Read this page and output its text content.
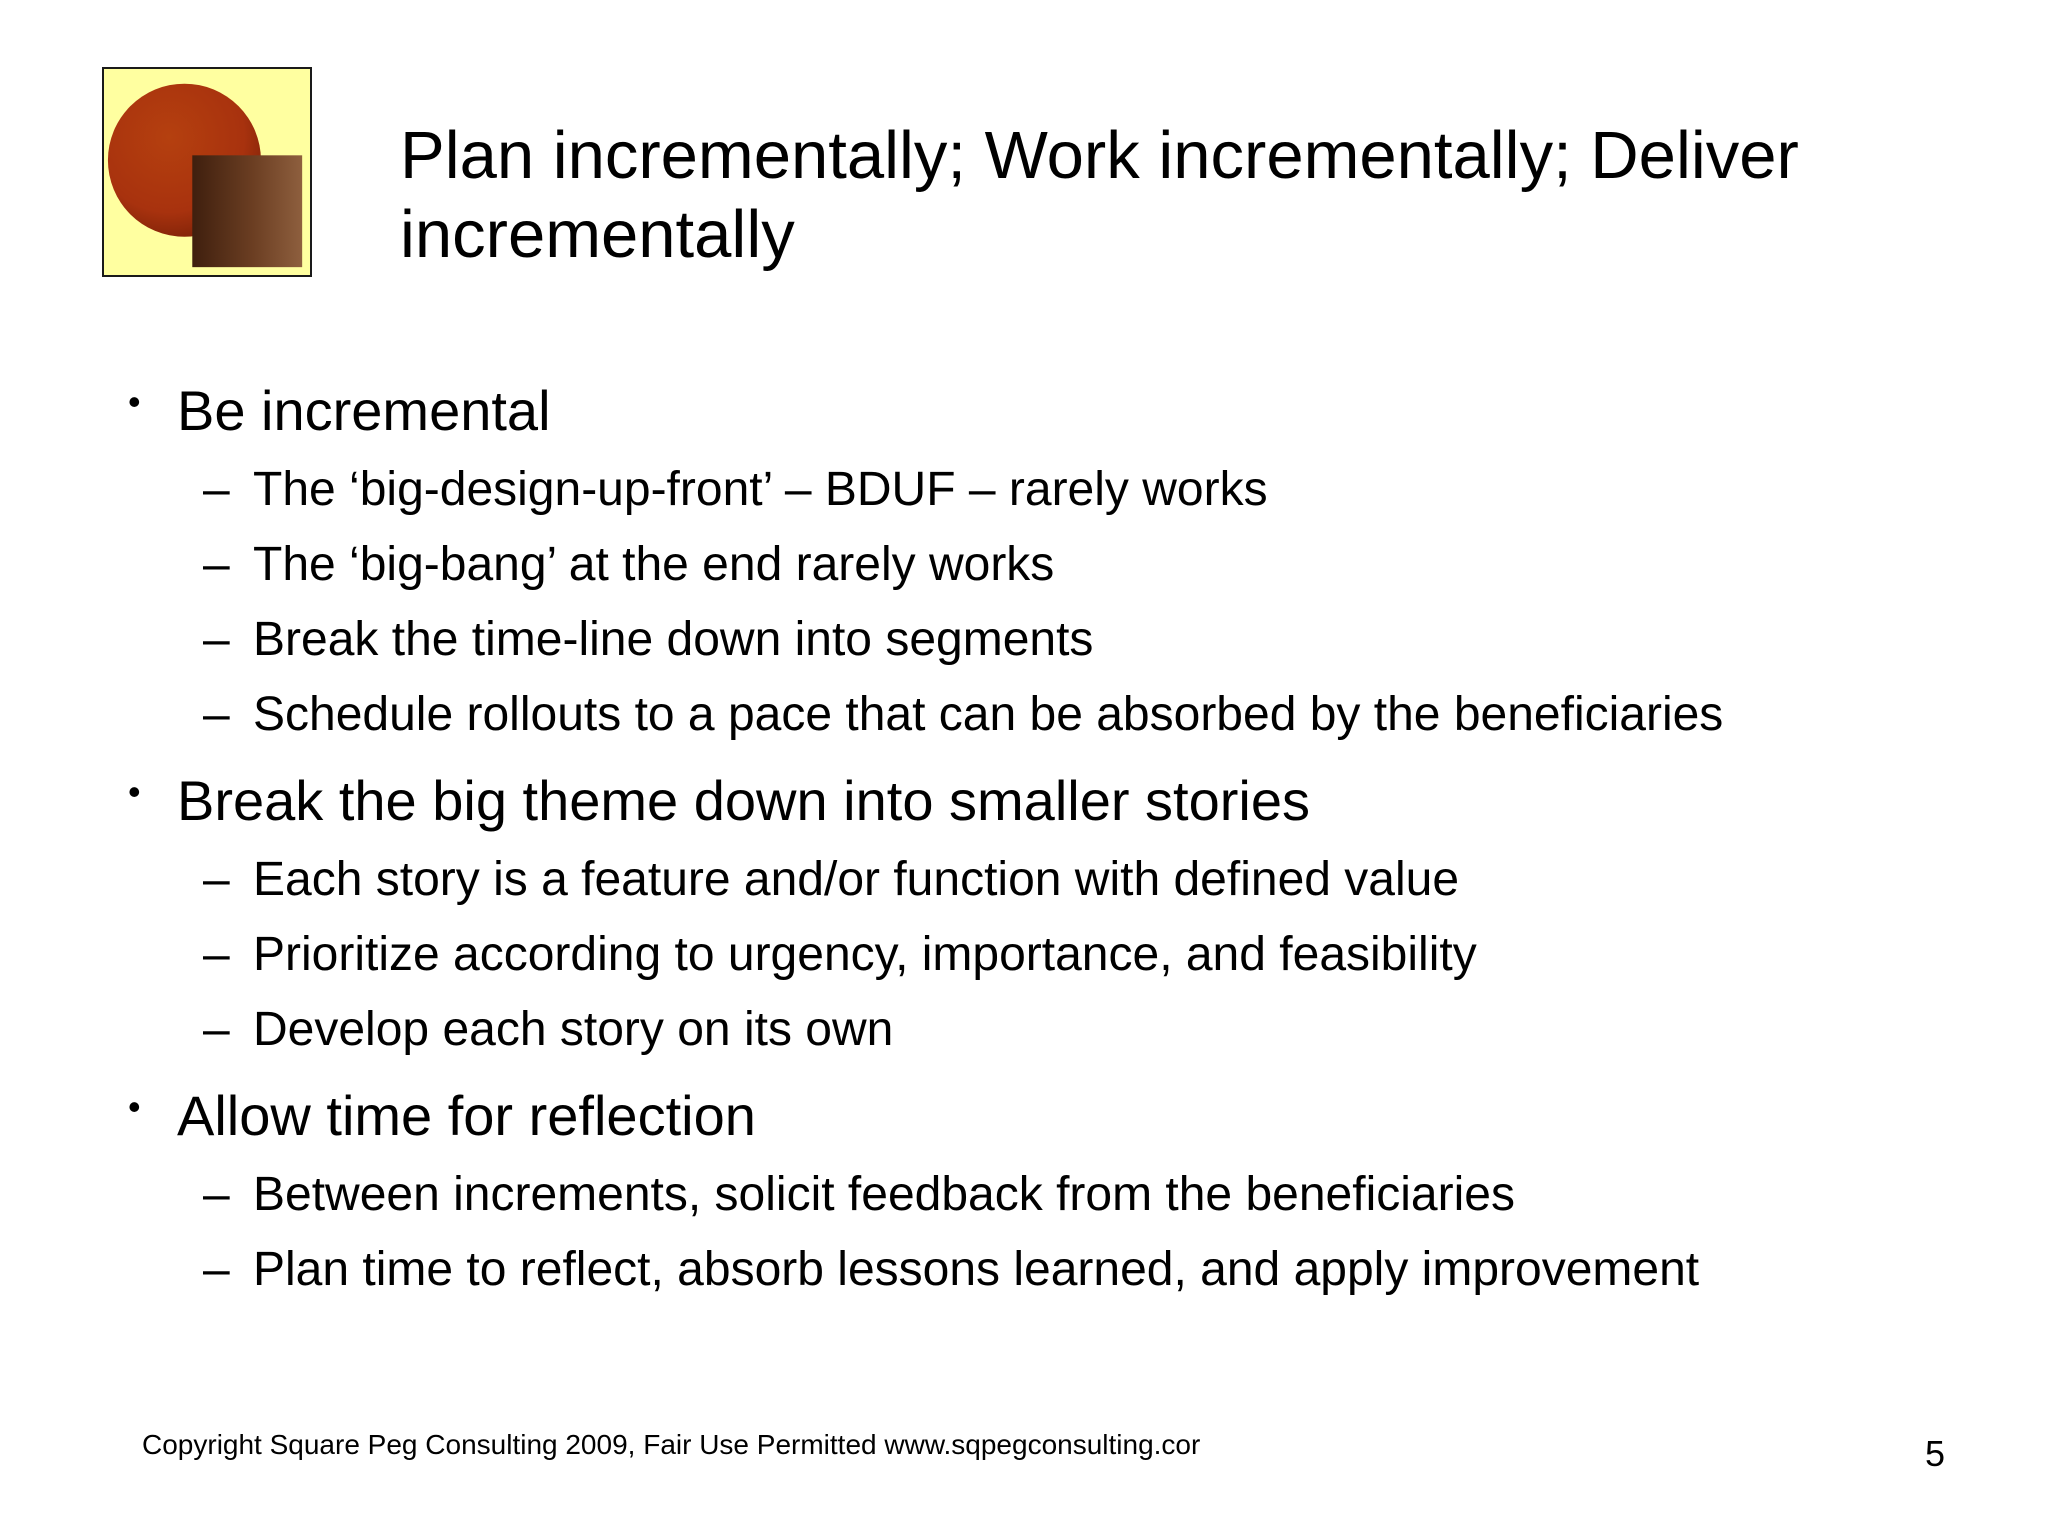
Plan incrementally; Work incrementally; Deliver incrementally
• Be incremental
– The ‘big-design-up-front’ – BDUF – rarely works
– The ‘big-bang’ at the end rarely works
– Break the time-line down into segments
– Schedule rollouts to a pace that can be absorbed by the beneficiaries
• Break the big theme down into smaller stories
– Each story is a feature and/or function with defined value
– Prioritize according to urgency, importance, and feasibility
– Develop each story on its own
• Allow time for reflection
– Between increments, solicit feedback from the beneficiaries
– Plan time to reflect, absorb lessons learned, and apply improvement
Copyright Square Peg Consulting 2009, Fair Use Permitted www.sqpegconsulting.cor	5
